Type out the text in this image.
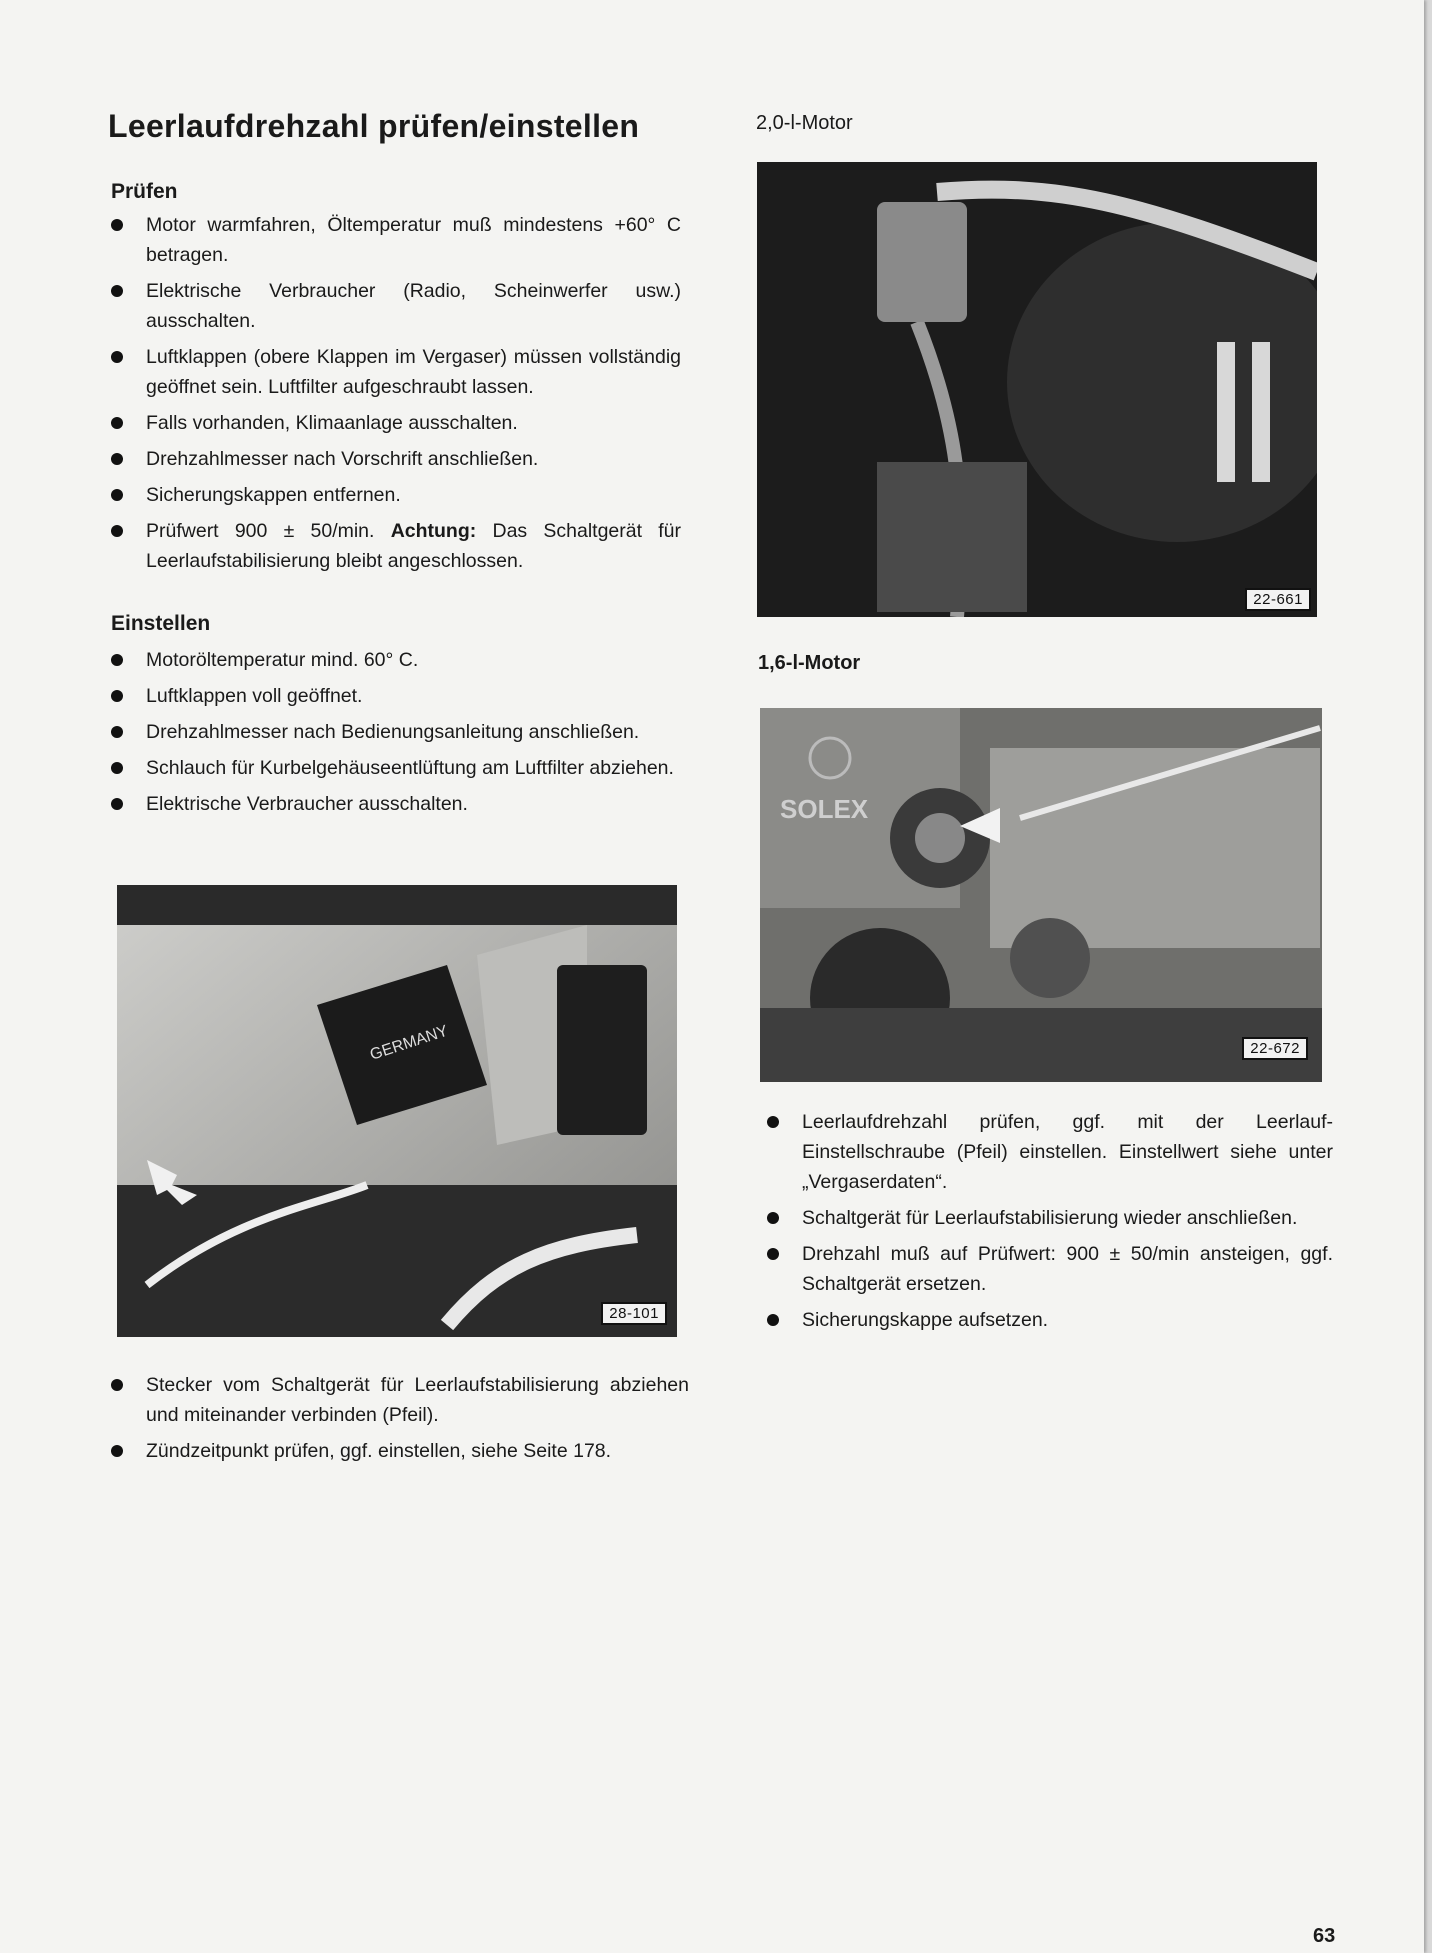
Leerlaufdrehzahl prüfen/einstellen
Prüfen
Motor warmfahren, Öltemperatur muß mindestens +60° C betragen.
Elektrische Verbraucher (Radio, Scheinwerfer usw.) ausschalten.
Luftklappen (obere Klappen im Vergaser) müssen vollständig geöffnet sein. Luftfilter aufgeschraubt lassen.
Falls vorhanden, Klimaanlage ausschalten.
Drehzahlmesser nach Vorschrift anschließen.
Sicherungskappen entfernen.
Prüfwert 900 ± 50/min. Achtung: Das Schaltgerät für Leerlaufstabilisierung bleibt angeschlossen.
Einstellen
Motoröltemperatur mind. 60° C.
Luftklappen voll geöffnet.
Drehzahlmesser nach Bedienungsanleitung anschließen.
Schlauch für Kurbelgehäuseentlüftung am Luftfilter abziehen.
Elektrische Verbraucher ausschalten.
GERMANY
28-101
Stecker vom Schaltgerät für Leerlaufstabilisierung abziehen und miteinander verbinden (Pfeil).
Zündzeitpunkt prüfen, ggf. einstellen, siehe Seite 178.
2,0-l-Motor
22-661
1,6-l-Motor
SOLEX
22-672
Leerlaufdrehzahl prüfen, ggf. mit der Leerlauf-Einstellschraube (Pfeil) einstellen. Einstellwert siehe unter „Vergaserdaten“.
Schaltgerät für Leerlaufstabilisierung wieder anschließen.
Drehzahl muß auf Prüfwert: 900 ± 50/min ansteigen, ggf. Schaltgerät ersetzen.
Sicherungskappe aufsetzen.
63
